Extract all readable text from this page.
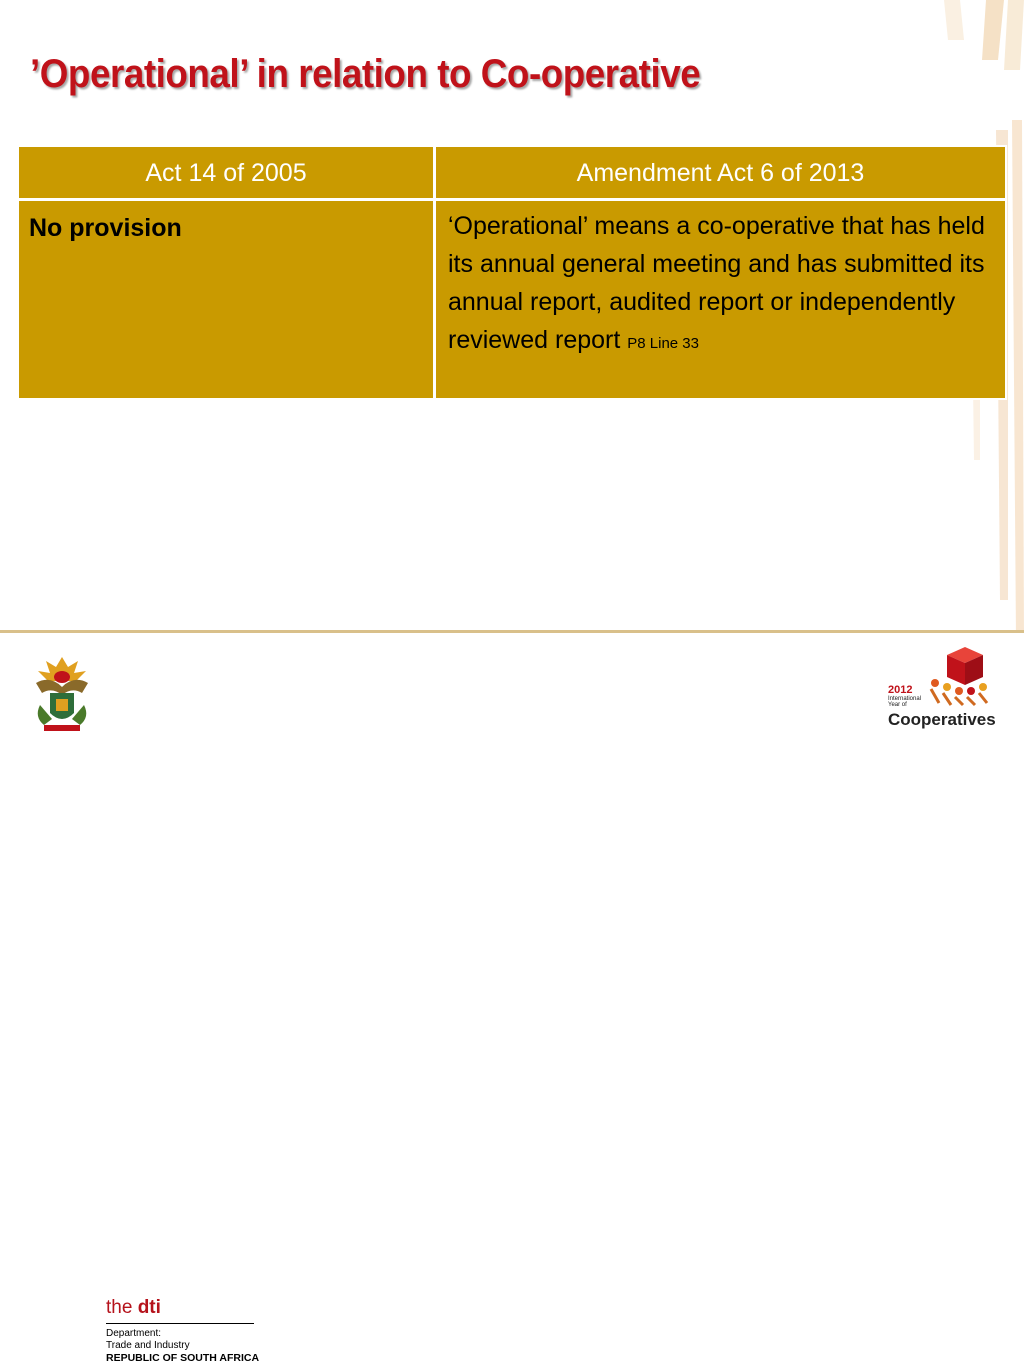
’Operational’ in relation to Co-operative
Act 14 of 2005	Amendment Act 6 of 2013
No provision	‘Operational’ means a co-operative that has held its annual general meeting and has submitted its annual report, audited report or independently reviewed report P8 Line 33
the dti
Department:
Trade and Industry
REPUBLIC OF SOUTH AFRICA
2012
International
Year of
Cooperatives
